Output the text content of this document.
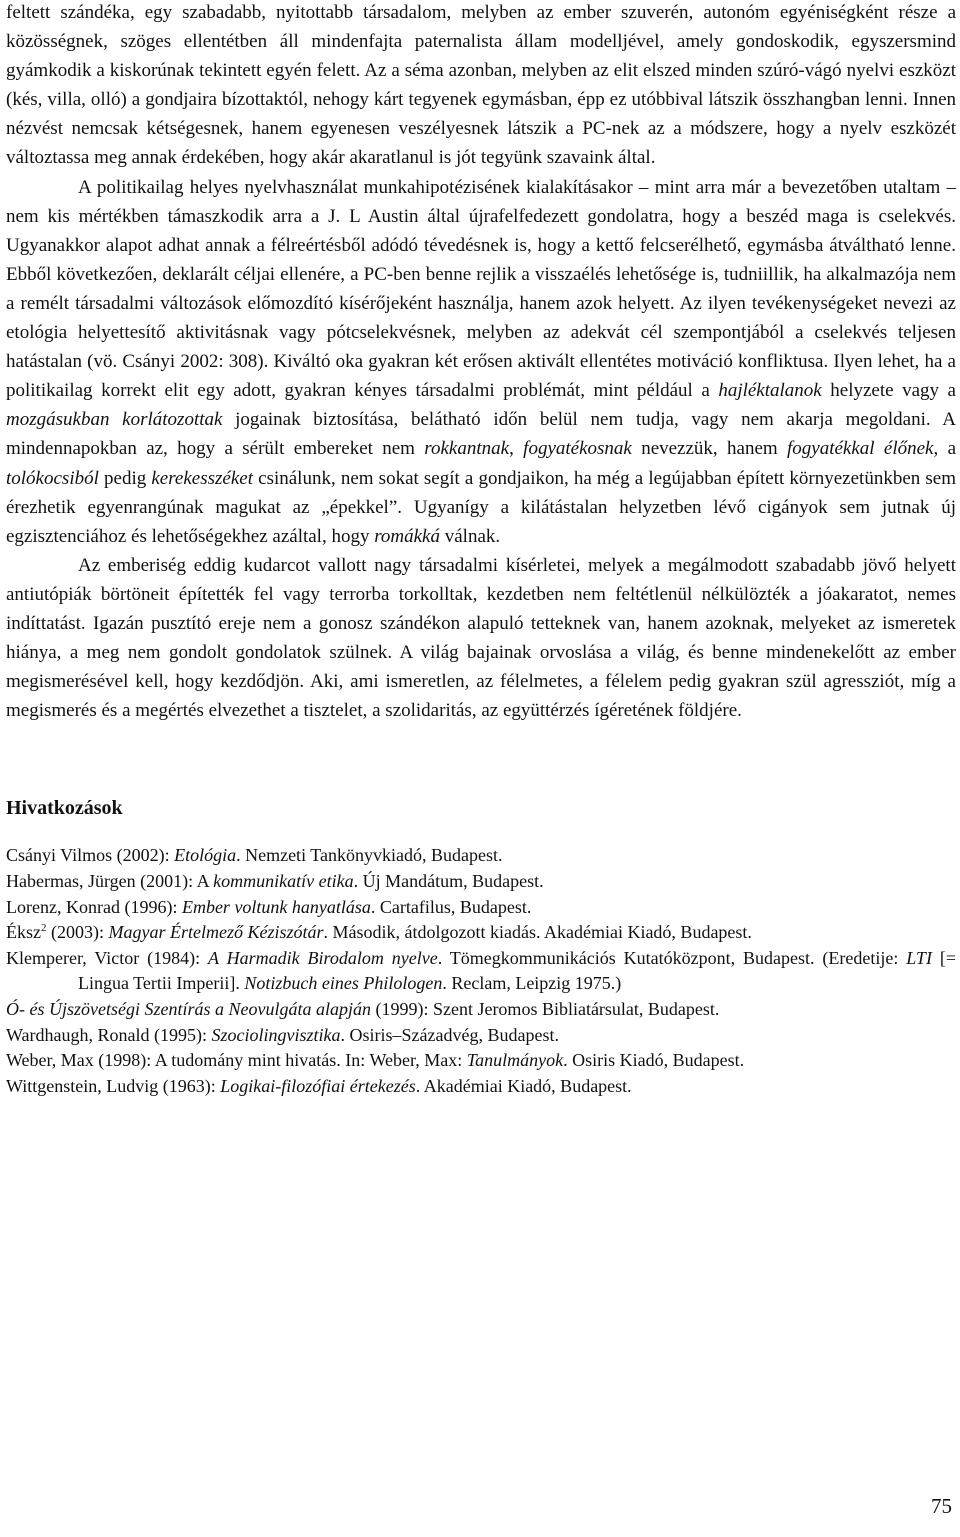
feltett szándéka, egy szabadabb, nyitottabb társadalom, melyben az ember szuverén, autonóm egyéniségként része a közösségnek, szöges ellentétben áll mindenfajta paternalista állam modelljével, amely gondoskodik, egyszersmind gyámkodik a kiskorúnak tekintett egyén felett. Az a séma azonban, melyben az elit elszed minden szúró-vágó nyelvi eszközt (kés, villa, olló) a gondjaira bízottaktól, nehogy kárt tegyenek egymásban, épp ez utóbbival látszik összhangban lenni. Innen nézvést nemcsak kétségesnek, hanem egyenesen veszélyesnek látszik a PC-nek az a módszere, hogy a nyelv eszközét változtassa meg annak érdekében, hogy akár akaratlanul is jót tegyünk szavaink által.

A politikailag helyes nyelvhasználat munkahipotézisének kialakításakor – mint arra már a bevezetőben utaltam – nem kis mértékben támaszkodik arra a J. L Austin által újrafelfedezett gondolatra, hogy a beszéd maga is cselekvés. Ugyanakkor alapot adhat annak a félreértésből adódó tévedésnek is, hogy a kettő felcserélhető, egymásba átváltható lenne. Ebből következően, deklarált céljai ellenére, a PC-ben benne rejlik a visszaélés lehetősége is, tudniillik, ha alkalmazója nem a remélt társadalmi változások előmozdító kísérőjeként használja, hanem azok helyett. Az ilyen tevékenységeket nevezi az etológia helyettesítő aktivitásnak vagy pótcselekvésnek, melyben az adekvát cél szempontjából a cselekvés teljesen hatástalan (vö. Csányi 2002: 308). Kiváltó oka gyakran két erősen aktivált ellentétes motiváció konfliktusa. Ilyen lehet, ha a politikailag korrekt elit egy adott, gyakran kényes társadalmi problémát, mint például a hajléktalanok helyzete vagy a mozgásukban korlátozottak jogainak biztosítása, belátható időn belül nem tudja, vagy nem akarja megoldani. A mindennapokban az, hogy a sérült embereket nem rokkantnak, fogyatékosnak nevezzük, hanem fogyatékkal élőnek, a tolókocsiból pedig kerekesszéket csinálunk, nem sokat segít a gondjaikon, ha még a legújabban épített környezetünkben sem érezhetik egyenrangúnak magukat az „épekkel”. Ugyanígy a kilátástalan helyzetben lévő cigányok sem jutnak új egzisztenciához és lehetőségekhez azáltal, hogy romákká válnak.

Az emberiség eddig kudarcot vallott nagy társadalmi kísérletei, melyek a megálmodott szabadabb jövő helyett antiutópiák börtöneit építették fel vagy terrorba torkolltak, kezdetben nem feltétlenül nélkülözték a jóakaratot, nemes indíttatást. Igazán pusztító ereje nem a gonosz szándékon alapuló tetteknek van, hanem azoknak, melyeket az ismeretek hiánya, a meg nem gondolt gondolatok szülnek. A világ bajainak orvoslása a világ, és benne mindenekelőtt az ember megismerésével kell, hogy kezdődjön. Aki, ami ismeretlen, az félelmetes, a félelem pedig gyakran szül agressziót, míg a megismerés és a megértés elvezethet a tisztelet, a szolidaritás, az együttérzés ígéretének földjére.

Hivatkozások

Csányi Vilmos (2002): Etológia. Nemzeti Tankönyvkiadó, Budapest.

Habermas, Jürgen (2001): A kommunikatív etika. Új Mandátum, Budapest.

Lorenz, Konrad (1996): Ember voltunk hanyatlása. Cartafilus, Budapest.

Éksz$^2$ (2003): Magyar Értelmező Kéziszótár. Második, átdolgozott kiadás. Akadémiai Kiadó, Budapest.

Klemperer, Victor (1984): A Harmadik Birodalom nyelve. Tömegkommunikációs Kutatóközpont, Budapest. (Eredetije: LTI [= Lingua Tertii Imperii]. Notizbuch eines Philologen. Reclam, Leipzig 1975.)

Ó- és Újszövetségi Szentírás a Neovulgáta alapján (1999): Szent Jeromos Bibliatársulat, Budapest.

Wardhaugh, Ronald (1995): Szociolingvisztika. Osiris–Századvég, Budapest.

Weber, Max (1998): A tudomány mint hivatás. In: Weber, Max: Tanulmányok. Osiris Kiadó, Budapest.

Wittgenstein, Ludvig (1963): Logikai-filozófiai értekezés. Akadémiai Kiadó, Budapest.

75
